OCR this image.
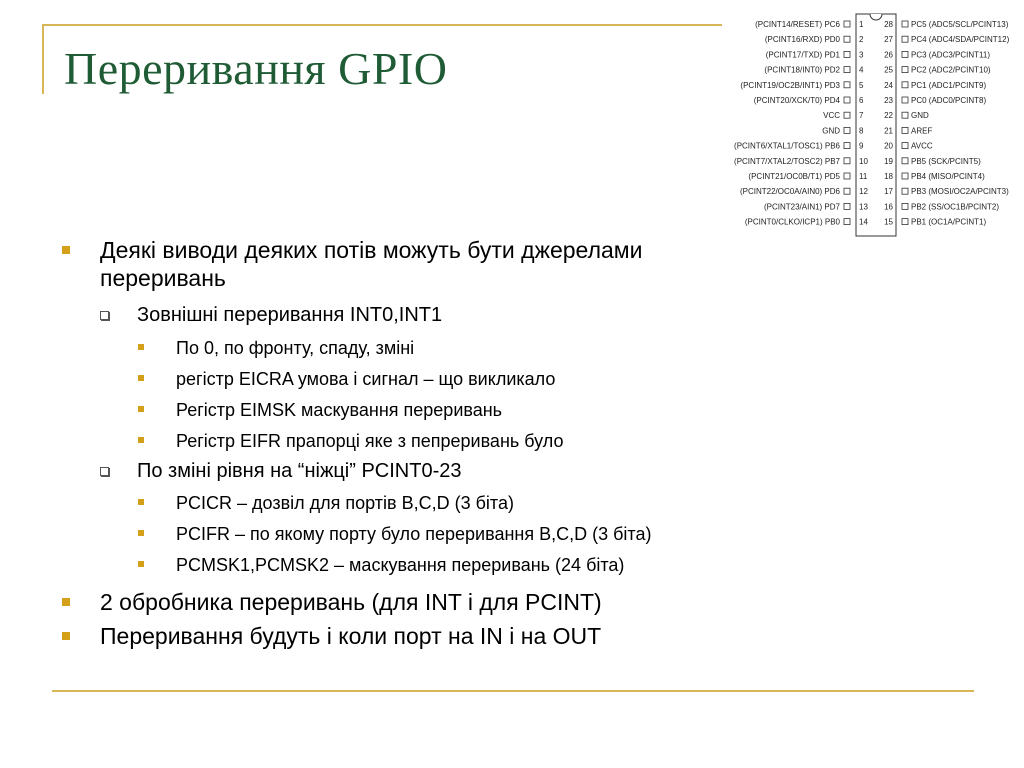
Переривання GPIO
(PCINT14/RESET) PC6 1
(PCINT16/RXD) PD0 2
(PCINT17/TXD) PD1 3
(PCINT18/INT0) PD2 4
(PCINT19/OC2B/INT1) PD3 5
(PCINT20/XCK/T0) PD4 6
VCC 7
GND 8
(PCINT6/XTAL1/TOSC1) PB6 9
(PCINT7/XTAL2/TOSC2) PB7 10
(PCINT21/OC0B/T1) PD5 11
(PCINT22/OC0A/AIN0) PD6 12
(PCINT23/AIN1) PD7 13
(PCINT0/CLKO/ICP1) PB0 14
28 PC5 (ADC5/SCL/PCINT13)
27 PC4 (ADC4/SDA/PCINT12)
26 PC3 (ADC3/PCINT11)
25 PC2 (ADC2/PCINT10)
24 PC1 (ADC1/PCINT9)
23 PC0 (ADC0/PCINT8)
22 GND
21 AREF
20 AVCC
19 PB5 (SCK/PCINT5)
18 PB4 (MISO/PCINT4)
17 PB3 (MOSI/OC2A/PCINT3)
16 PB2 (SS/OC1B/PCINT2)
15 PB1 (OC1A/PCINT1)
Деякі виводи деяких потів можуть бути джерелами
переривань
Зовнішні переривання INT0,INT1
По 0, по фронту, спаду, зміні
регістр EICRA умова і сигнал – що викликало
Регістр EIMSK маскування переривань
Регістр EIFR прапорці яке з пепреривань було
По зміні рівня на “ніжці” PCINT0-23
PCICR – дозвіл для портів B,C,D (3 біта)
PCIFR – по якому порту було переривання B,C,D (3 біта)
PCMSK1,PCMSK2 – маскування переривань (24 біта)
2 обробника переривань (для INT і для PCINT)
Переривання будуть і коли порт на IN і на OUT
